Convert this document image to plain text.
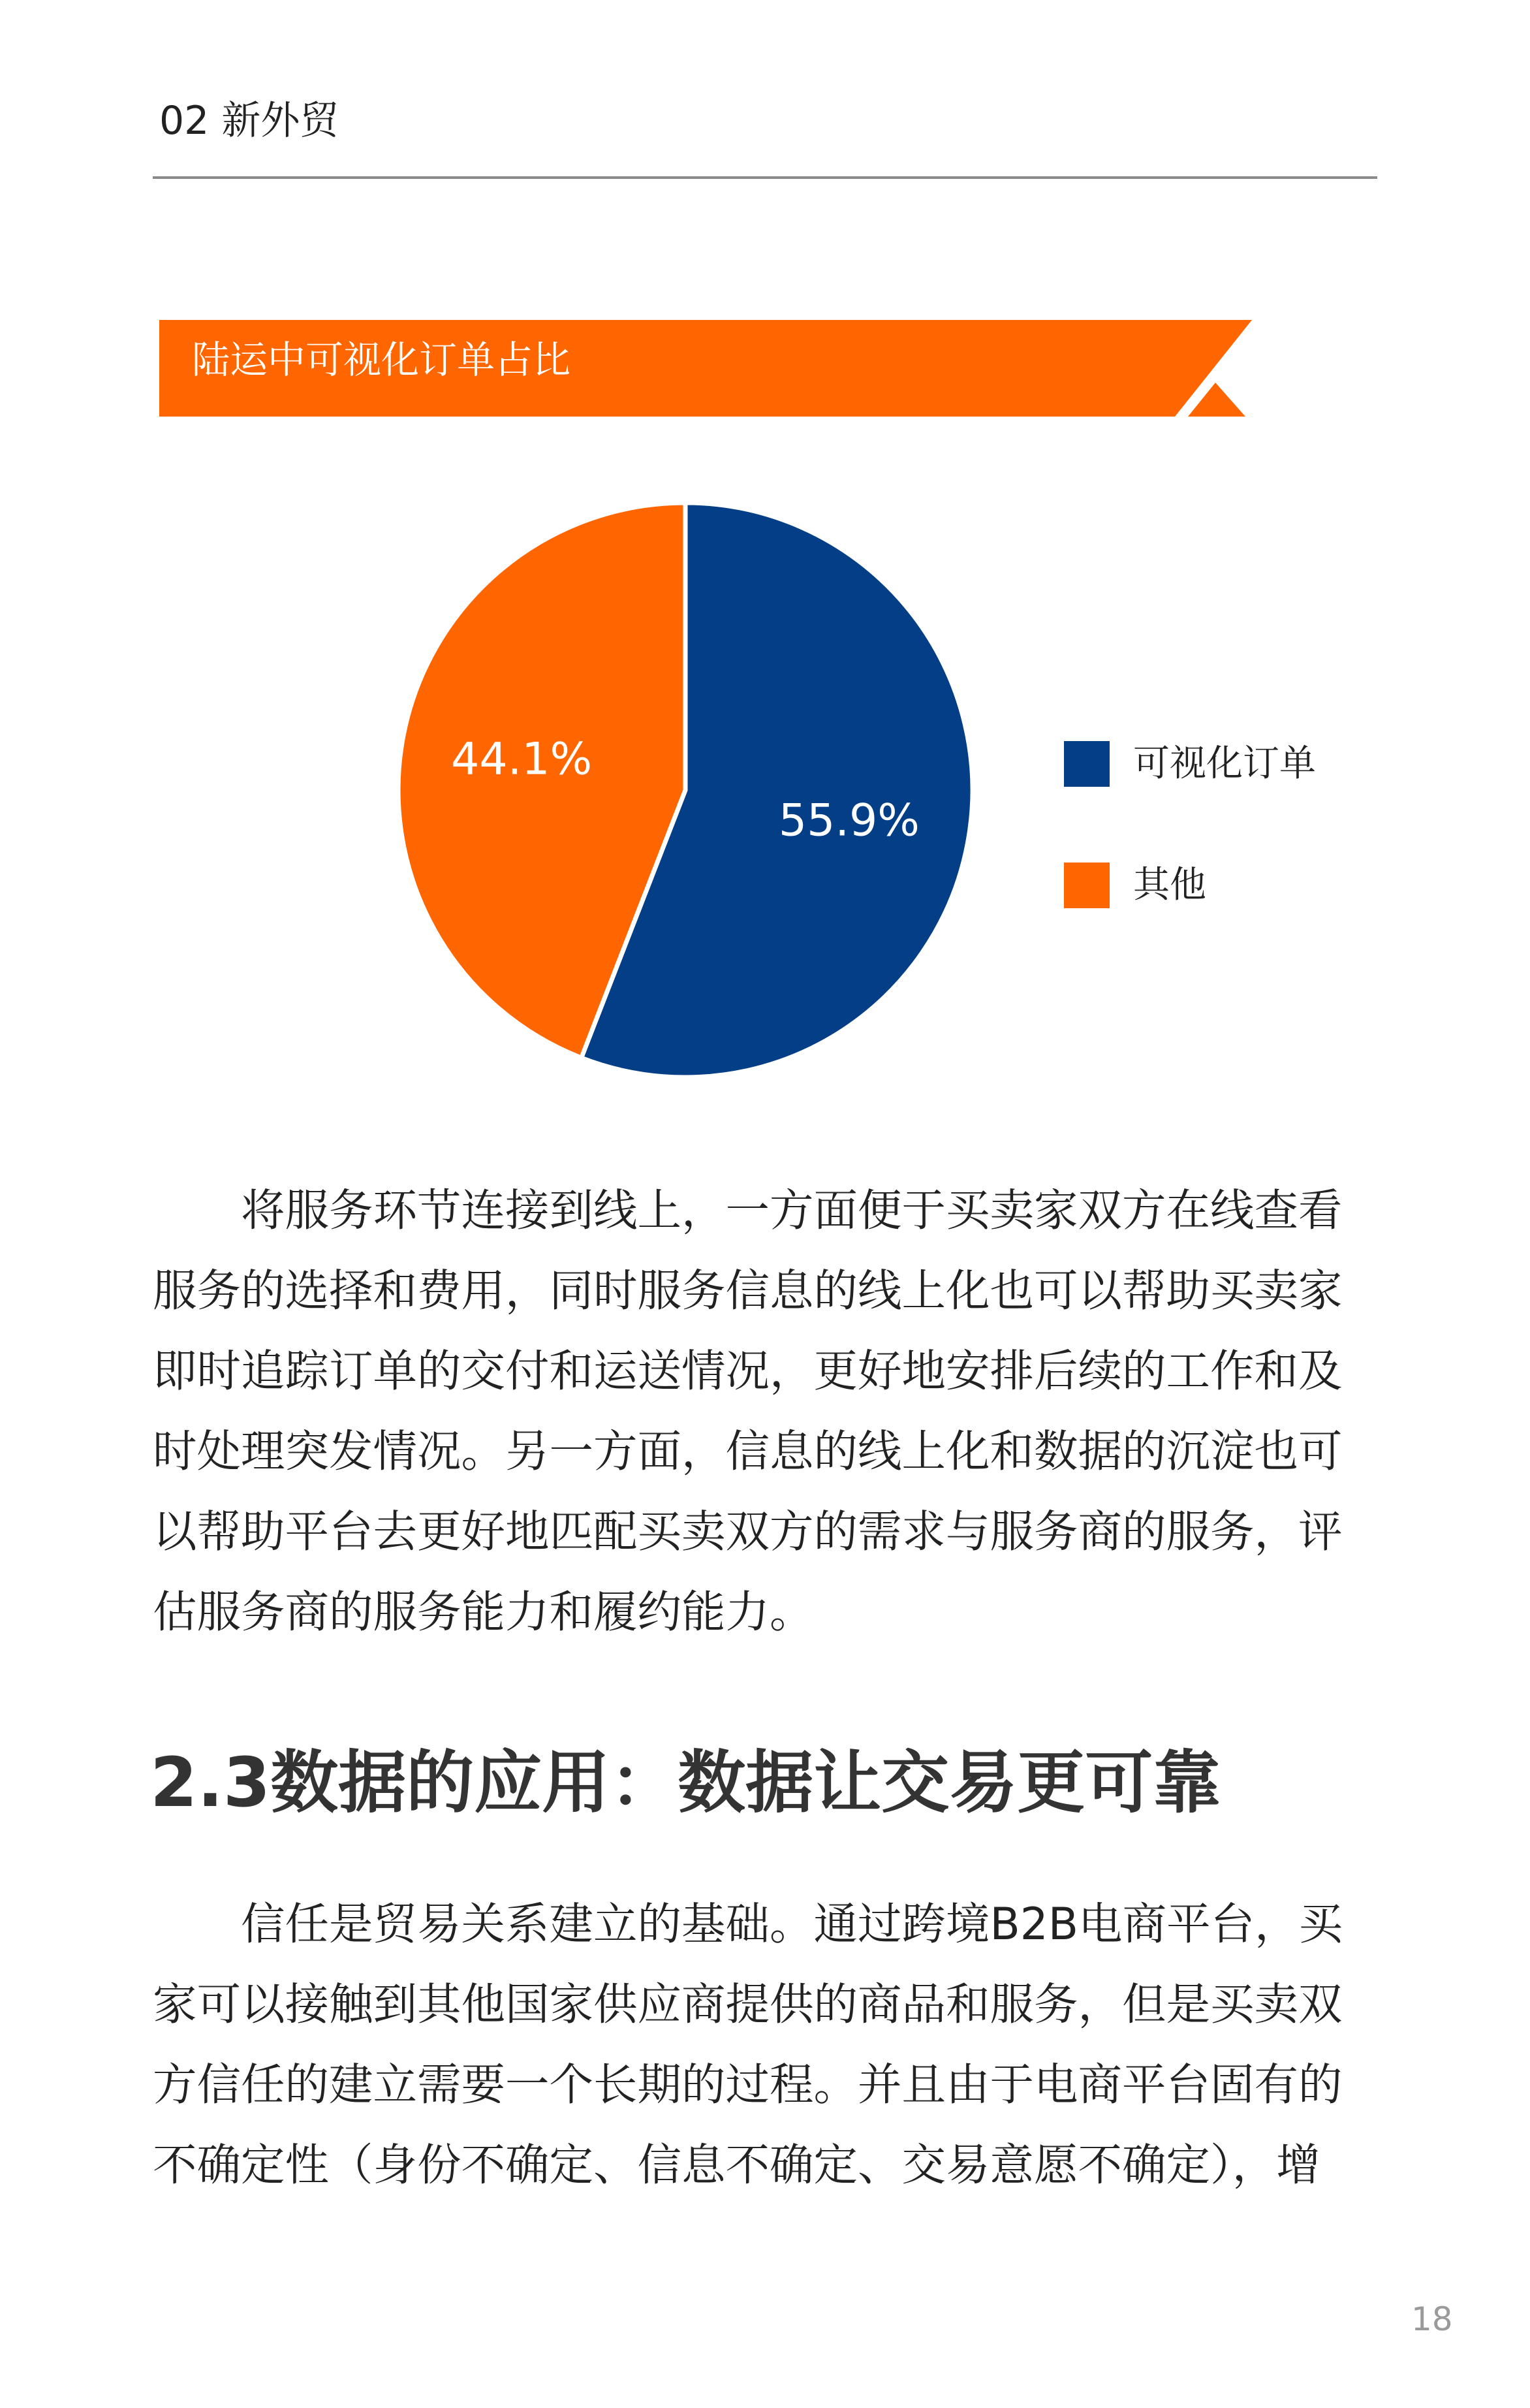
02 新外贸
陆运中可视化订单占比
55.9%
44.1%	可视化订单
其他
将服务环节连接到线上，一方面便于买卖家双方在线查看
服务的选择和费用，同时服务信息的线上化也可以帮助买卖家
即时追踪订单的交付和运送情况，更好地安排后续的工作和及
时处理突发情况。另一方面，信息的线上化和数据的沉淀也可
以帮助平台去更好地匹配买卖双方的需求与服务商的服务，评
估服务商的服务能力和履约能力。
2.3数据的应用：数据让交易更可靠
信任是贸易关系建立的基础。通过跨境B2B电商平台，买
家可以接触到其他国家供应商提供的商品和服务，但是买卖双
方信任的建立需要一个长期的过程。并且由于电商平台固有的
不确定性（身份不确定、信息不确定、交易意愿不确定），增
18
